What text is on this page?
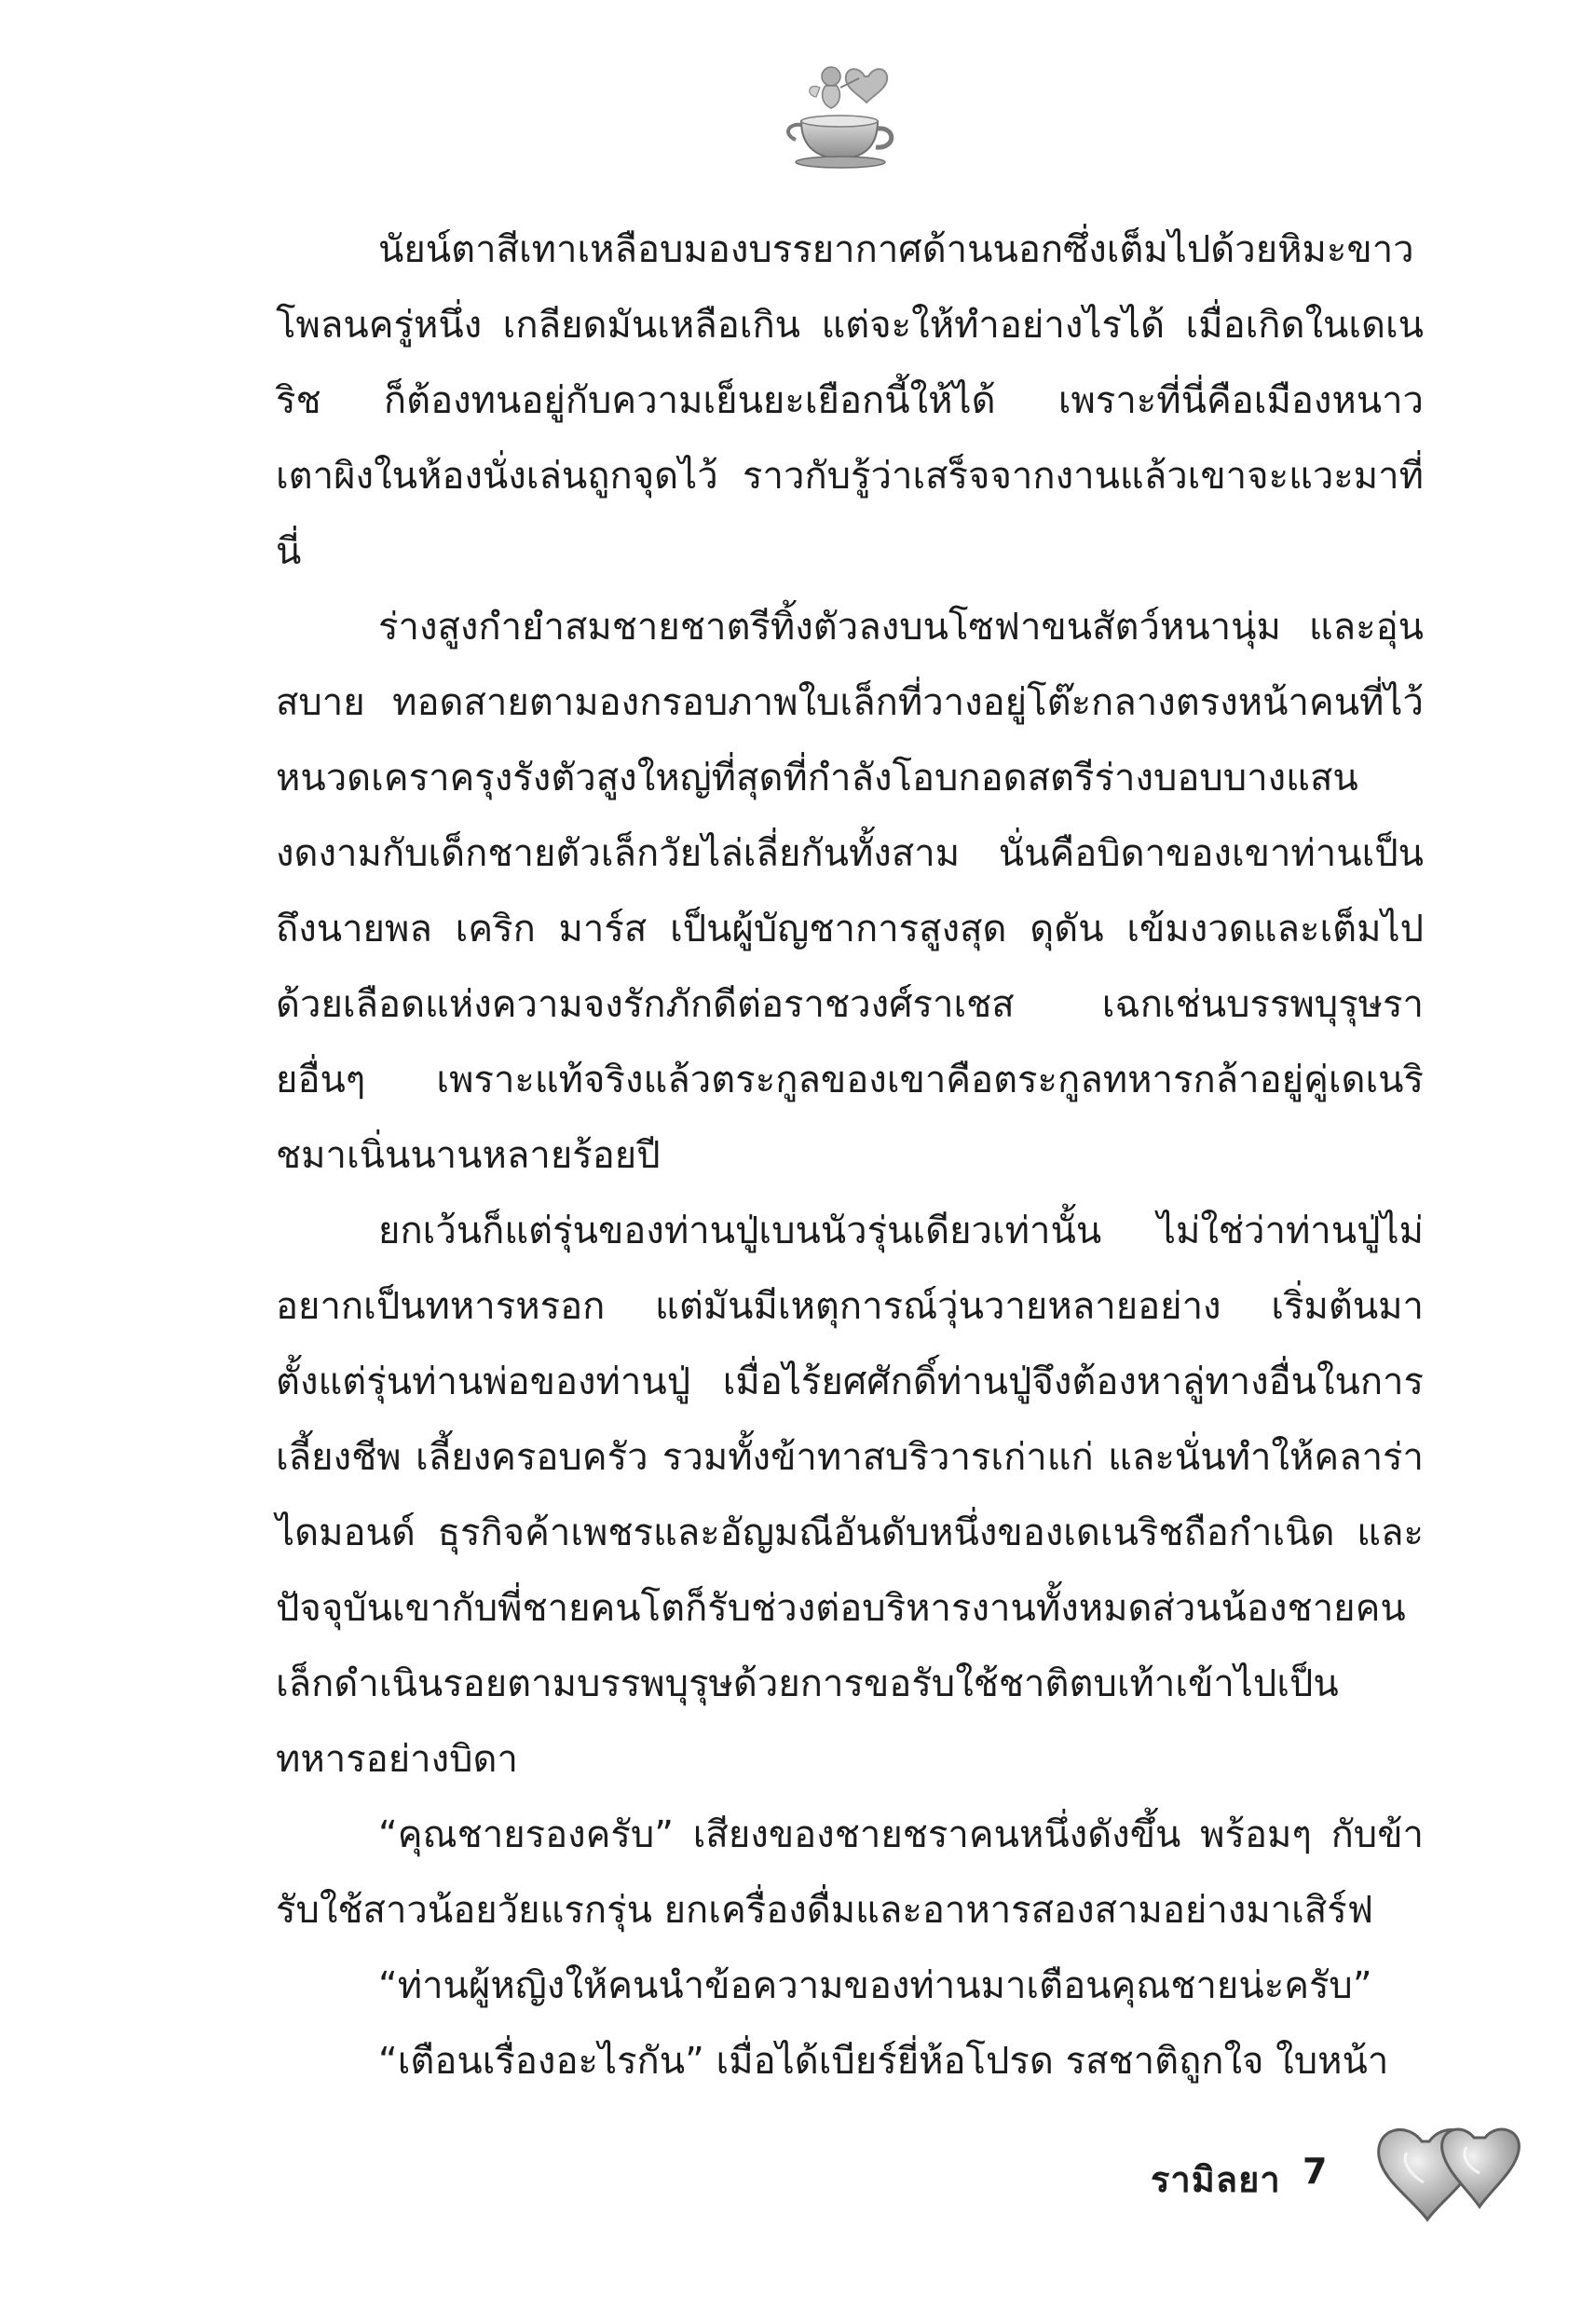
นัยน์ตาสีเทาเหลือบมองบรรยากาศด้านนอกซึ่งเต็มไปด้วยหิมะขาวโพลนครู่หนึ่ง เกลียดมันเหลือเกิน แต่จะให้ทำอย่างไรได้ เมื่อเกิดในเดเนริช ก็ต้องทนอยู่กับความเย็นยะเยือกนี้ให้ได้ เพราะที่นี่คือเมืองหนาว เตาผิงในห้องนั่งเล่นถูกจุดไว้ ราวกับรู้ว่าเสร็จจากงานแล้วเขาจะแวะมาที่นี่

ร่างสูงกำยำสมชายชาตรีทิ้งตัวลงบนโซฟาขนสัตว์หนานุ่ม และอุ่นสบาย ทอดสายตามองกรอบภาพใบเล็กที่วางอยู่โต๊ะกลางตรงหน้าคนที่ไว้หนวดเคราครุงรังตัวสูงใหญ่ที่สุดที่กำลังโอบกอดสตรีร่างบอบบางแสนงดงามกับเด็กชายตัวเล็กวัยไล่เลี่ยกันทั้งสาม นั่นคือบิดาของเขาท่านเป็นถึงนายพล เคริก มาร์ส เป็นผู้บัญชาการสูงสุด ดุดัน เข้มงวดและเต็มไปด้วยเลือดแห่งความจงรักภักดีต่อราชวงศ์ราเชส เฉกเช่นบรรพบุรุษรายอื่นๆ เพราะแท้จริงแล้วตระกูลของเขาคือตระกูลทหารกล้าอยู่คู่เดเนริชมาเนิ่นนานหลายร้อยปี

ยกเว้นก็แต่รุ่นของท่านปู่เบนนัวรุ่นเดียวเท่านั้น ไม่ใช่ว่าท่านปู่ไม่อยากเป็นทหารหรอก แต่มันมีเหตุการณ์วุ่นวายหลายอย่าง เริ่มต้นมาตั้งแต่รุ่นท่านพ่อของท่านปู่ เมื่อไร้ยศศักดิ์ท่านปู่จึงต้องหาลู่ทางอื่นในการเลี้ยงชีพ เลี้ยงครอบครัว รวมทั้งข้าทาสบริวารเก่าแก่ และนั่นทำให้คลาร่าไดมอนด์ ธุรกิจค้าเพชรและอัญมณีอันดับหนึ่งของเดเนริชถือกำเนิด และปัจจุบันเขากับพี่ชายคนโตก็รับช่วงต่อบริหารงานทั้งหมดส่วนน้องชายคนเล็กดำเนินรอยตามบรรพบุรุษด้วยการขอรับใช้ชาติตบเท้าเข้าไปเป็นทหารอย่างบิดา

“คุณชายรองครับ” เสียงของชายชราคนหนึ่งดังขึ้น พร้อมๆ กับข้ารับใช้สาวน้อยวัยแรกรุ่น ยกเครื่องดื่มและอาหารสองสามอย่างมาเสิร์ฟ

“ท่านผู้หญิงให้คนนำข้อความของท่านมาเตือนคุณชายน่ะครับ”

“เตือนเรื่องอะไรกัน” เมื่อได้เบียร์ยี่ห้อโปรด รสชาติถูกใจ ใบหน้า

รามิลยา 7
